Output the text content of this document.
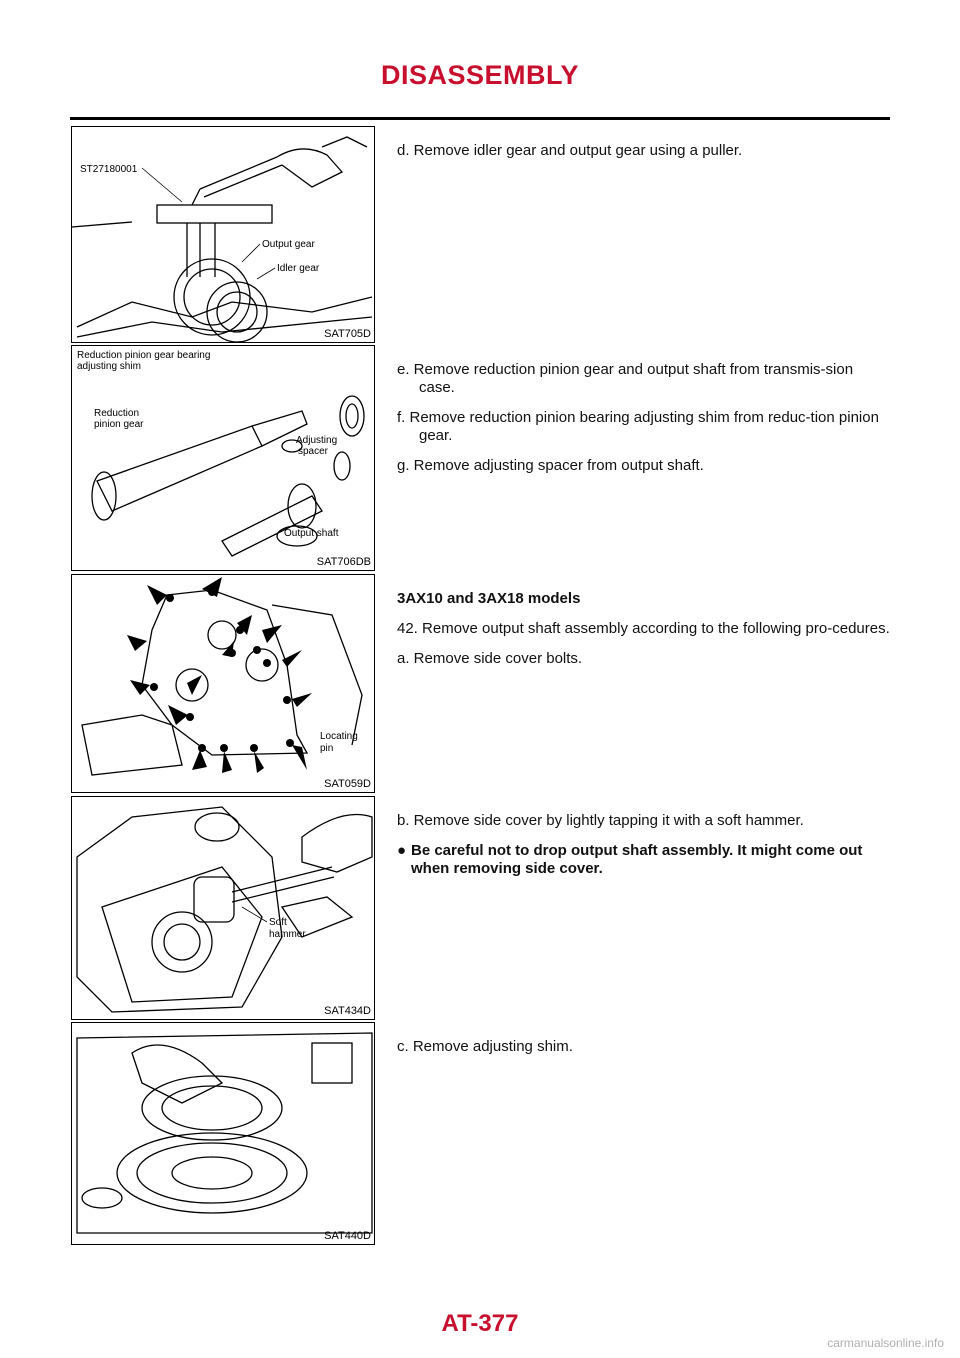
DISASSEMBLY
ST27180001
Output gear
Idler gear
SAT705D
Reduction pinion gear bearing
adjusting shim
Reduction
pinion gear
Adjusting
spacer
Output shaft
SAT706DB
Locating
pin
SAT059D
Soft
hammer
SAT434D
SAT440D

d. Remove idler gear and output gear using a puller.

e. Remove reduction pinion gear and output shaft from transmis-sion case.

f. Remove reduction pinion bearing adjusting shim from reduc-tion pinion gear.

g. Remove adjusting spacer from output shaft.

3AX10 and 3AX18 models

42. Remove output shaft assembly according to the following pro-cedures.

a. Remove side cover bolts.

b. Remove side cover by lightly tapping it with a soft hammer.

● Be careful not to drop output shaft assembly. It might come out when removing side cover.

c. Remove adjusting shim.

AT-377
carmanualsonline.info
